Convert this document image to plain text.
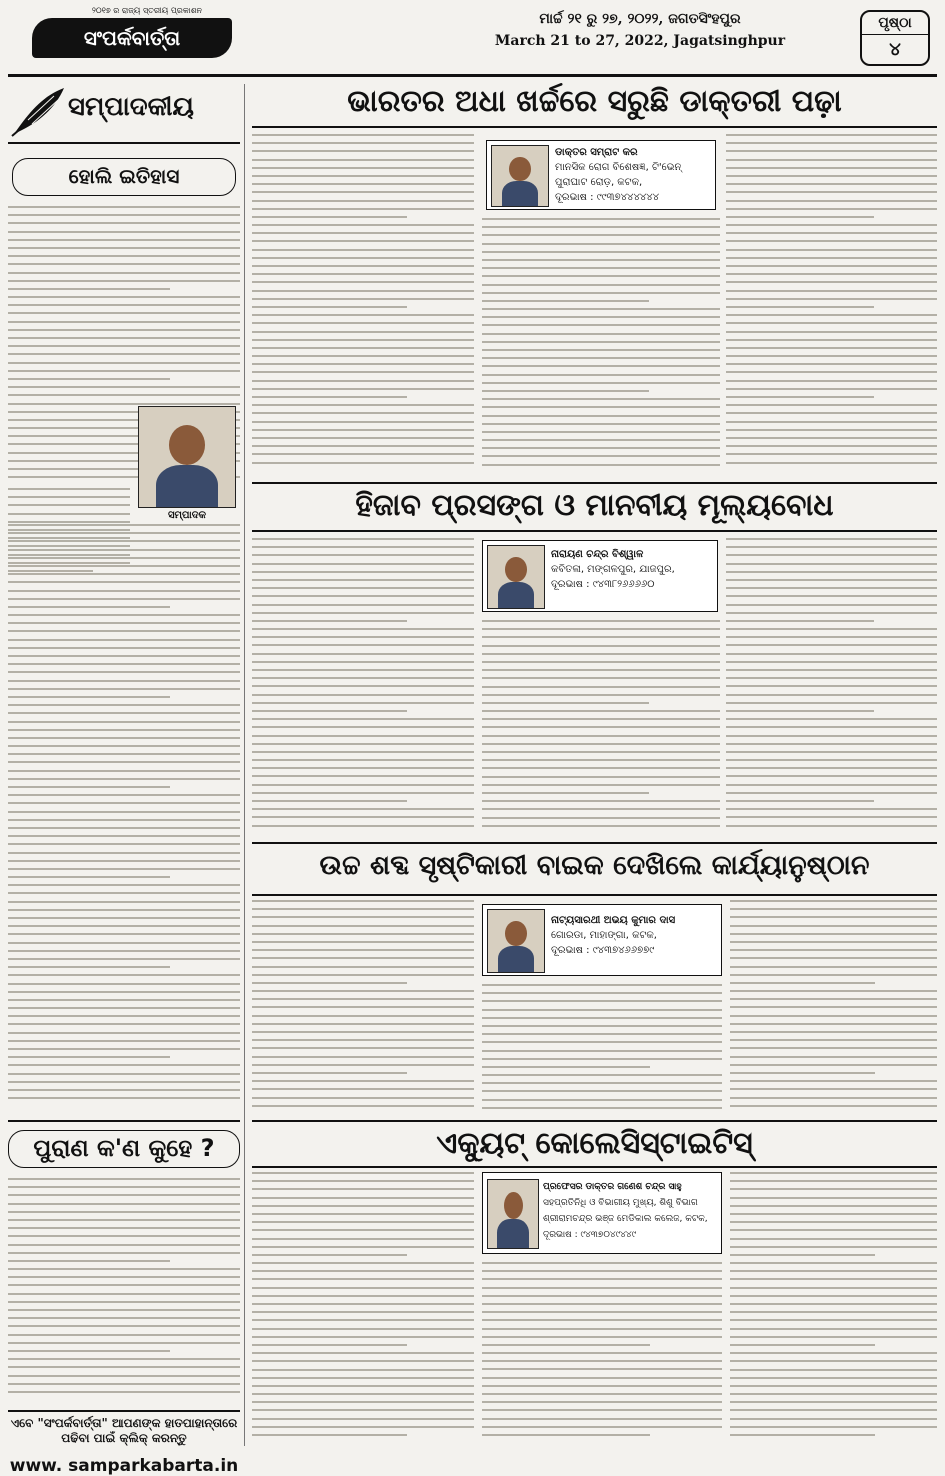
୨୦୧୭ ର ରାଜ୍ୟ ସ୍ତରୀୟ ପ୍ରକାଶନ
ସଂପର୍କବାର୍ତ୍ତା
ମାର୍ଚ୍ଚ ୨୧ ରୁ ୨୭, ୨୦୨୨, ଜଗତସିଂହପୁର
March 21 to 27, 2022, Jagatsinghpur
ପୃଷ୍ଠା
୪
ସମ୍ପାଦକୀୟ
ହୋଲି ଇତିହାସ
ସମ୍ପାଦକ
ପୁରାଣ କ'ଣ କୁହେ ?
ଏବେ "ସଂପର୍କବାର୍ତ୍ତା" ଆପଣଙ୍କ ହାତପାହାନ୍ତାରେ ପଢିବା ପାଇଁ କ୍ଲିକ୍ କରନ୍ତୁ
www. samparkabarta.in
ଭାରତର ଅଧା ଖର୍ଚ୍ଚରେ ସରୁଛି ଡାକ୍ତରୀ ପଢ଼ା
ଡାକ୍ତର ସମ୍ରାଟ କର
ମାନସିକ ରୋଗ ବିଶେଷଜ୍ଞ, ଟି'ଭେନ୍
ପୁରାଘାଟ ରୋଡ଼, କଟକ,
ଦୂରଭାଷ : ୯୯୩୭୪୪୪୪୪୪
ହିଜାବ ପ୍ରସଙ୍ଗ ଓ ମାନବୀୟ ମୂଲ୍ୟବୋଧ
ନାରାୟଣ ଚନ୍ଦ୍ର ବିଶ୍ୱାଳ
କବିତଳା, ମଙ୍ଗଳପୁର, ଯାଜପୁର,
ଦୂରଭାଷ : ୯୪୩୮୨୬୬୬୬୦
ଉଚ୍ଚ ଶବ୍ଦ ସୃଷ୍ଟିକାରୀ ବାଇକ ଦେଖିଲେ କାର୍ଯ୍ୟାନୁଷ୍ଠାନ
ନାଟ୍ୟସାରଥୀ ଅଭୟ କୁମାର ଦାସ
ଗୋରଡା, ମାହାଙ୍ଗା, କଟକ,
ଦୂରଭାଷ : ୯୪୩୭୪୬୬୭୭୯
ଏକ୍ୟୁଟ୍ କୋଲେସିସ୍ଟାଇଟିସ୍
ପ୍ରଫେସର ଡାକ୍ତର ଗଣେଶ ଚନ୍ଦ୍ର ସାହୁ
ସହପ୍ରତିନିଧି ଓ ବିଭାଗୀୟ ମୁଖ୍ୟ, ଶିଶୁ ବିଭାଗ
ଶ୍ରୀରାମଚନ୍ଦ୍ର ଭଞ୍ଜ ମେଡିକାଲ କଲେଜ, କଟକ,
ଦୂରଭାଷ : ୯୪୩୭୦୪୯୪୪୯
